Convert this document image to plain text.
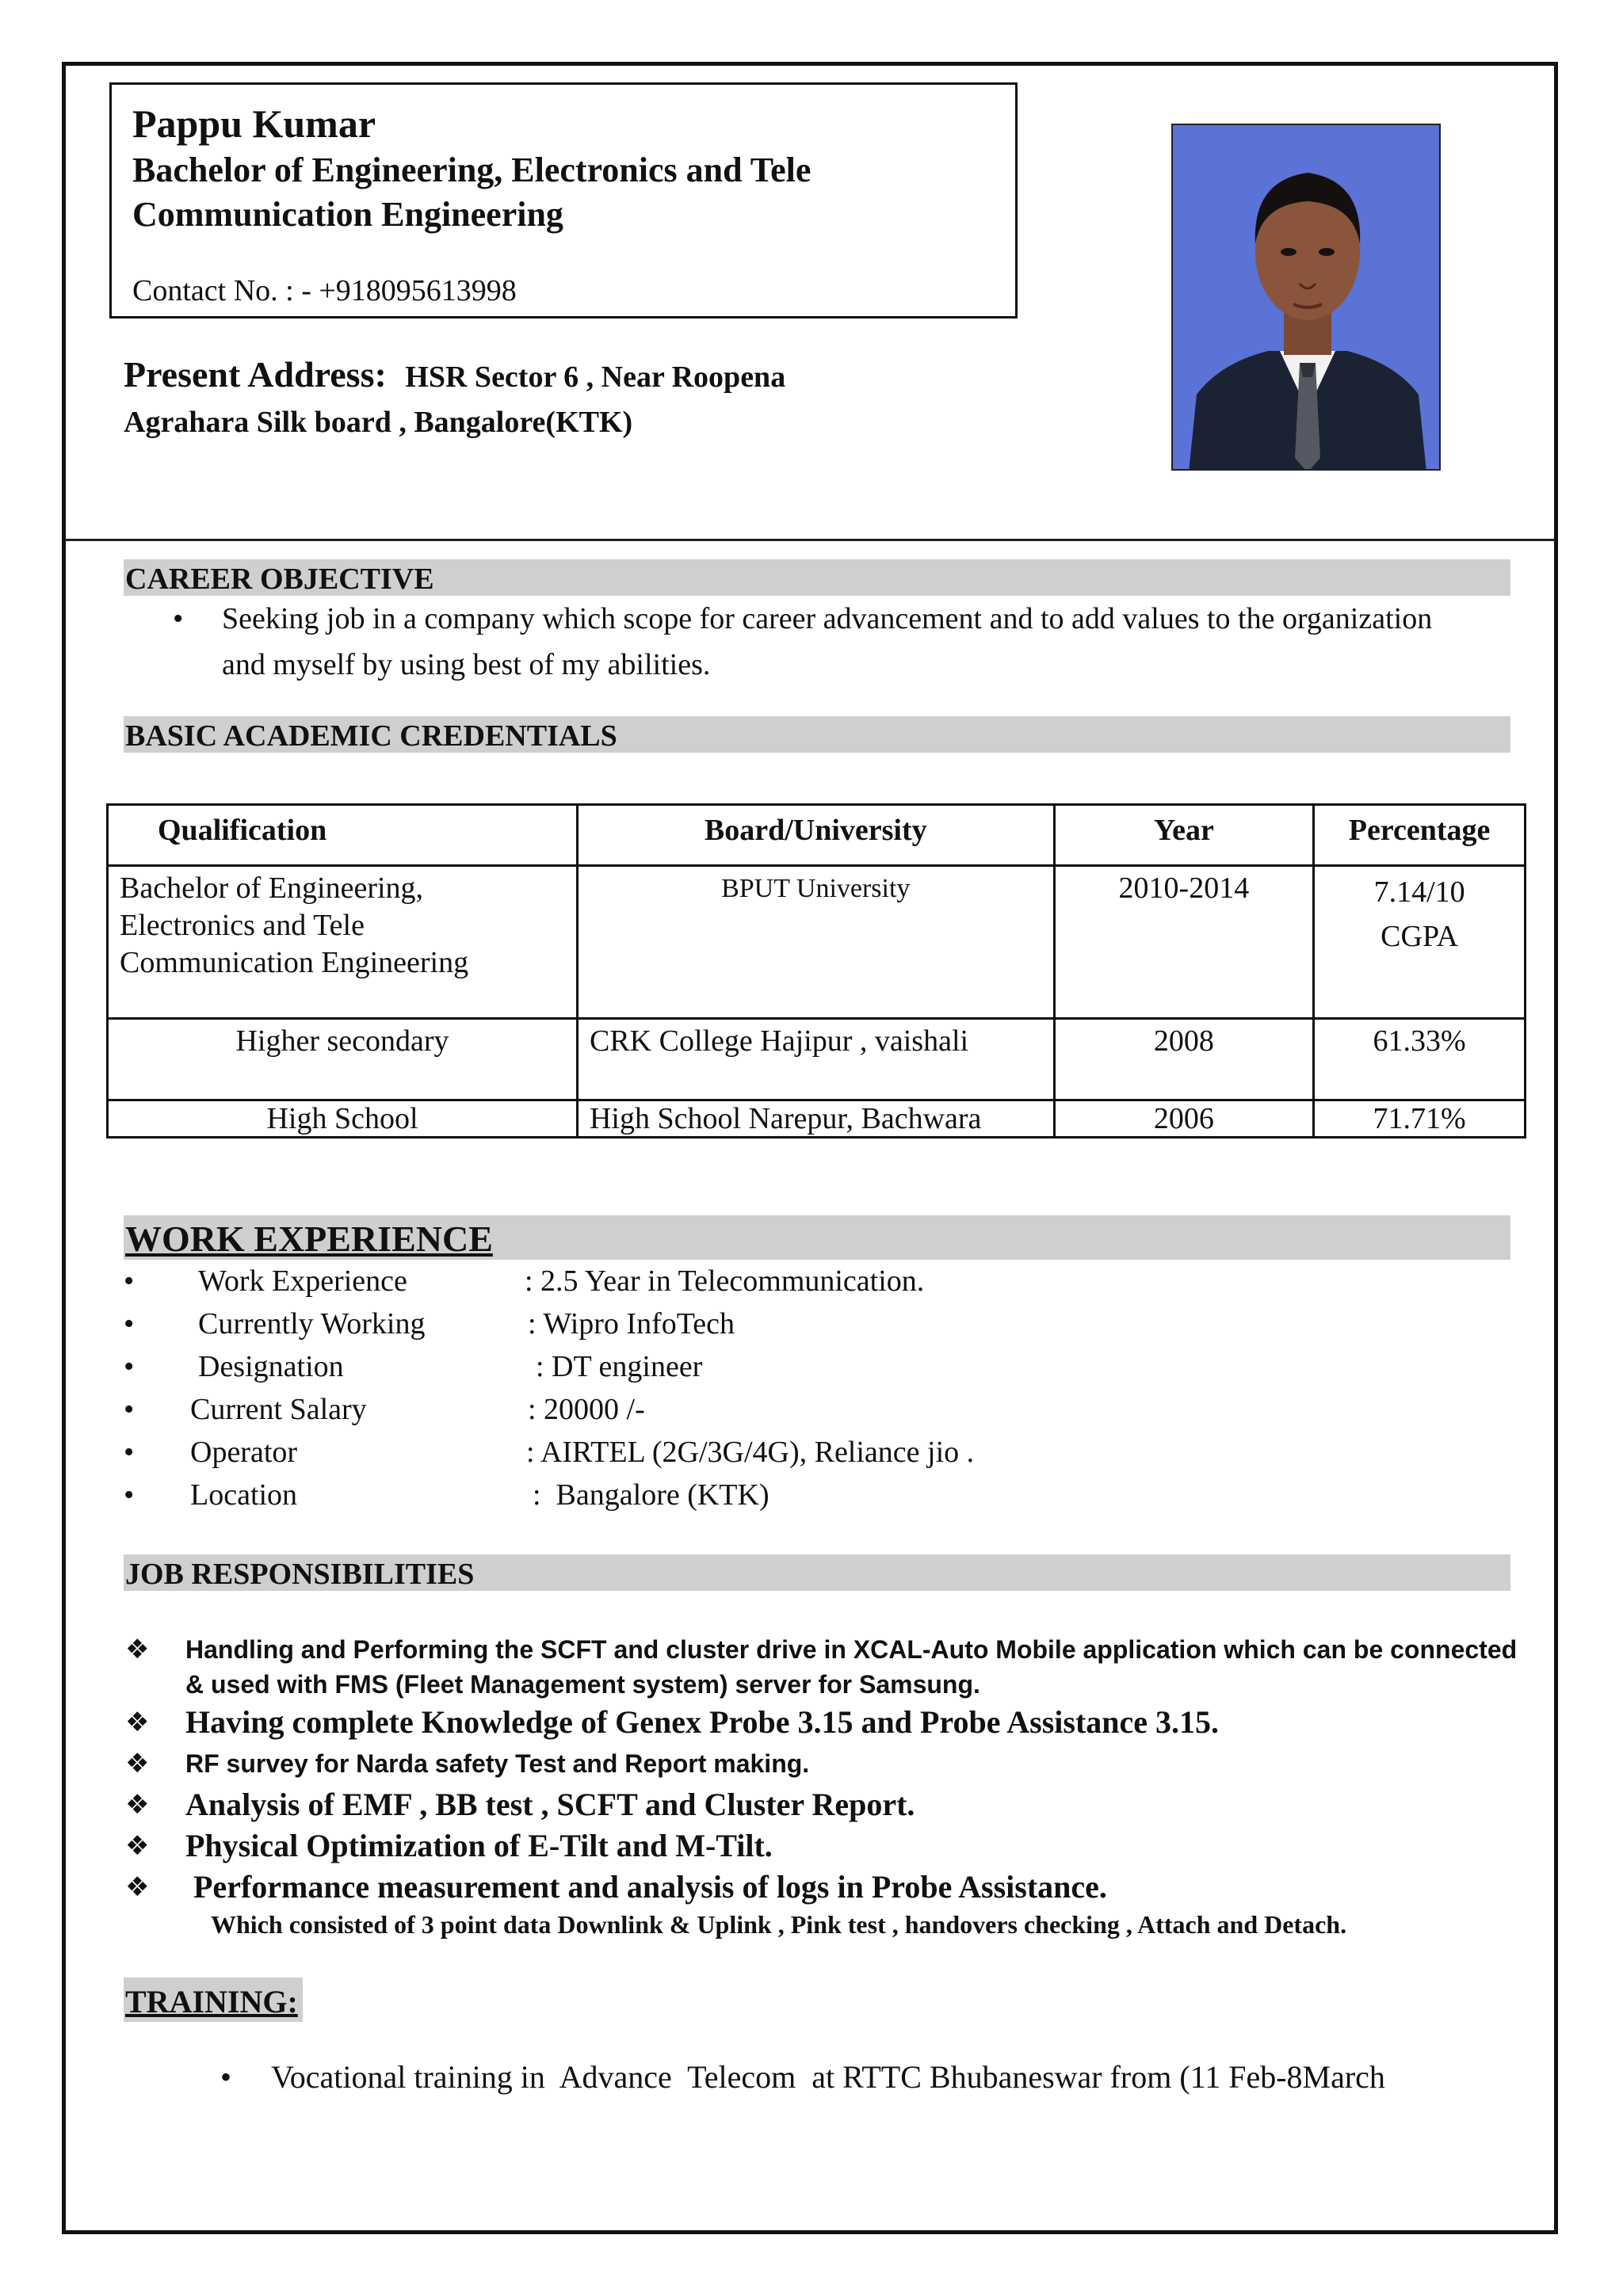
Pappu Kumar
Bachelor of Engineering, Electronics and Tele
Communication Engineering
Contact No. : - +918095613998
Present Address: HSR Sector 6 , Near Roopena
Agrahara Silk board , Bangalore(KTK)
CAREER OBJECTIVE
• Seeking job in a company which scope for career advancement and to add values to the organization and myself by using best of my abilities.
BASIC ACADEMIC CREDENTIALS
Qualification	Board/University	Year	Percentage
Bachelor of Engineering, Electronics and Tele Communication Engineering	BPUT University	2010-2014	7.14/10
CGPA

Higher secondary	CRK College Hajipur , vaishali	2008	61.33%
High School	High School Narepur, Bachwara	2006	71.71%
WORK EXPERIENCE
• Work Experience	: 2.5 Year in Telecommunication.
• Currently Working	: Wipro InfoTech
• Designation	: DT engineer
• Current Salary	: 20000 /-
• Operator	: AIRTEL (2G/3G/4G), Reliance jio .
• Location	:  Bangalore (KTK)
JOB RESPONSIBILITIES
❖ Handling and Performing the SCFT and cluster drive in XCAL-Auto Mobile application which can be connected & used with FMS (Fleet Management system) server for Samsung.
❖ Having complete Knowledge of Genex Probe 3.15 and Probe Assistance 3.15.
❖ RF survey for Narda safety Test and Report making.
❖ Analysis of EMF , BB test , SCFT and Cluster Report.
❖ Physical Optimization of E-Tilt and M-Tilt.
❖ Performance measurement and analysis of logs in Probe Assistance.
Which consisted of 3 point data Downlink & Uplink , Pink test , handovers checking , Attach and Detach.
TRAINING:
• Vocational training in  Advance  Telecom  at RTTC Bhubaneswar from (11 Feb-8March
